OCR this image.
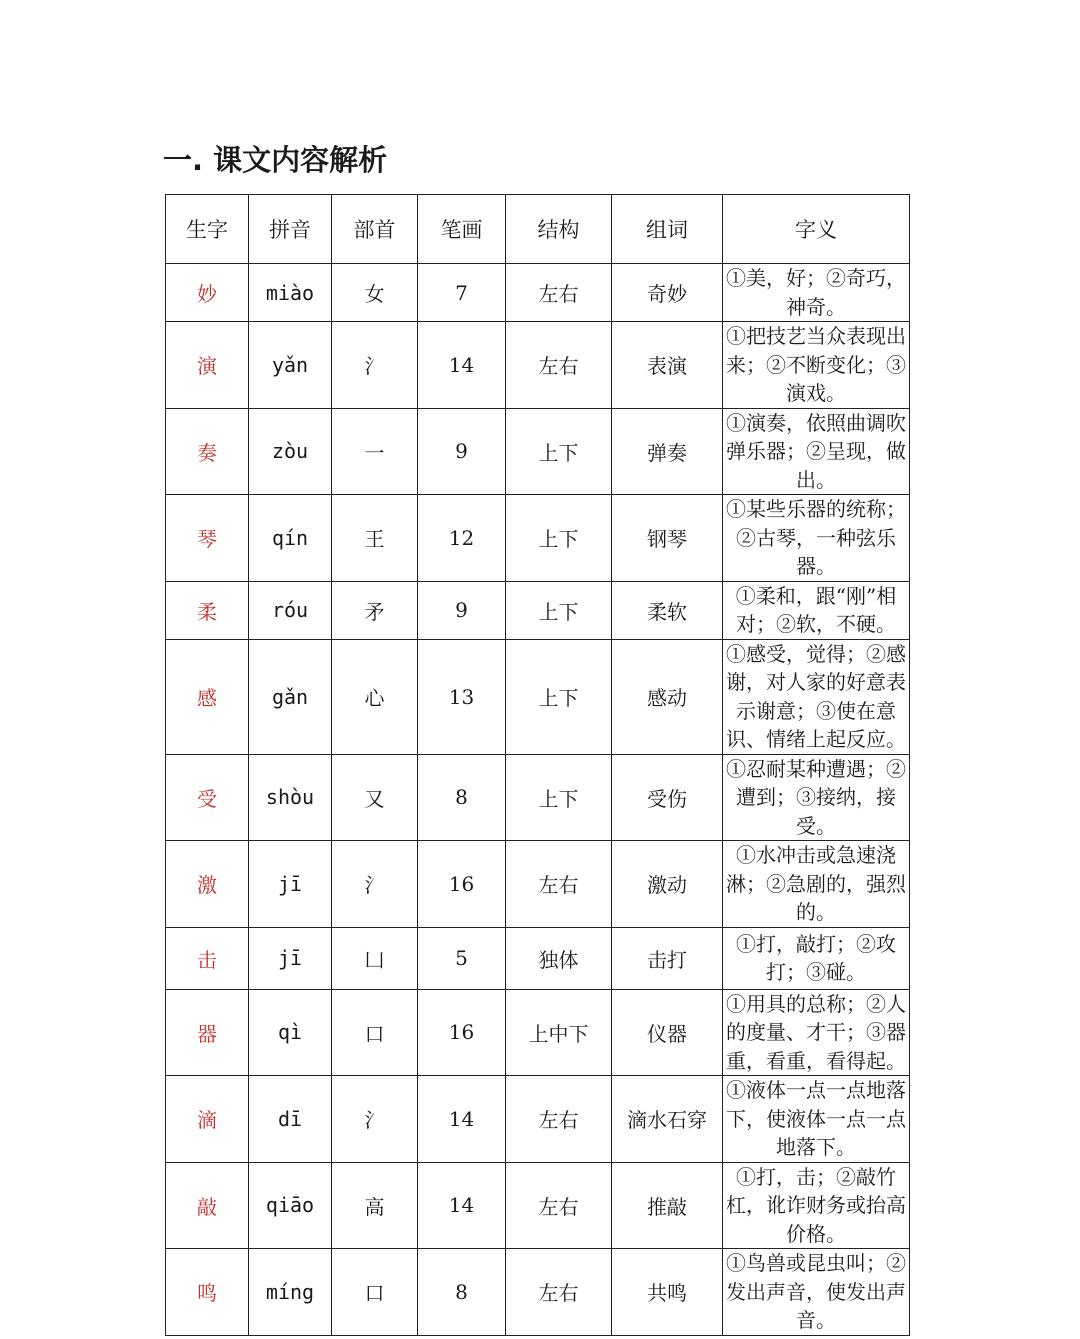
一. 课文内容解析
生字	拼音	部首	笔画	结构	组词	字义
妙	miào	女	7	左右	奇妙	①美，好；②奇巧，神奇。
演	yǎn	氵	14	左右	表演	①把技艺当众表现出来；②不断变化；③演戏。
奏	zòu	一	9	上下	弹奏	①演奏，依照曲调吹弹乐器；②呈现，做出。
琴	qín	王	12	上下	钢琴	①某些乐器的统称；②古琴，一种弦乐器。
柔	róu	矛	9	上下	柔软	①柔和，跟“刚”相对；②软，不硬。
感	gǎn	心	13	上下	感动	①感受，觉得；②感谢，对人家的好意表示谢意；③使在意识、情绪上起反应。
受	shòu	又	8	上下	受伤	①忍耐某种遭遇；②遭到；③接纳，接受。
激	jī	氵	16	左右	激动	①水冲击或急速浇淋；②急剧的，强烈的。
击	jī	凵	5	独体	击打	①打，敲打；②攻打；③碰。
器	qì	口	16	上中下	仪器	①用具的总称；②人的度量、才干；③器重，看重，看得起。
滴	dī	氵	14	左右	滴水石穿	①液体一点一点地落下，使液体一点一点地落下。
敲	qiāo	高	14	左右	推敲	①打，击；②敲竹杠，讹诈财务或抬高价格。
鸣	míng	口	8	左右	共鸣	①鸟兽或昆虫叫；②发出声音，使发出声音。
